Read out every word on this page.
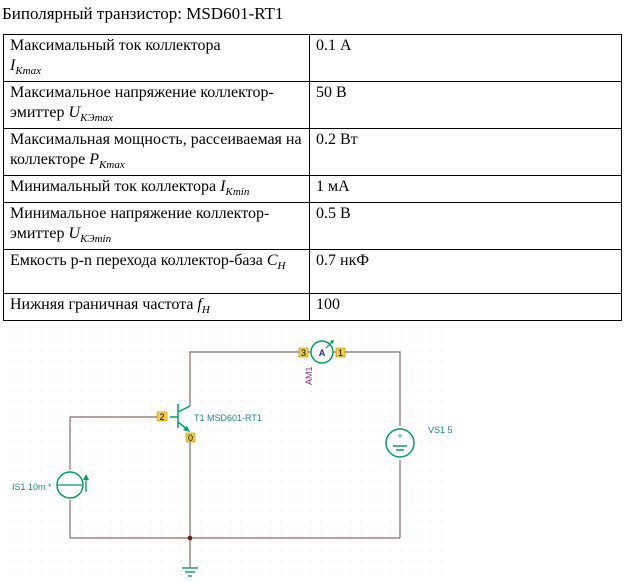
Биполярный транзистор: MSD601-RT1
Максимальный ток коллектора
$I_{Kmax}$	0.1 А
Максимальное напряжение коллектор-эмиттер $U_{KЭmax}$	50 В
Максимальная мощность, рассеиваемая на коллекторе $P_{Kmax}$	0.2 Вт
Минимальный ток коллектора $I_{Kmin}$	1 мА
Минимальное напряжение коллектор-эмиттер $U_{KЭmin}$	0.5 В
Емкость p-n перехода коллектор-база $C_H$	0.7 нкФ
Нижняя граничная частота $f_H$	100
T1 MSD601-RT1
2
0
3	1
A
AM1
IS1 10m *
+
VS1 5
